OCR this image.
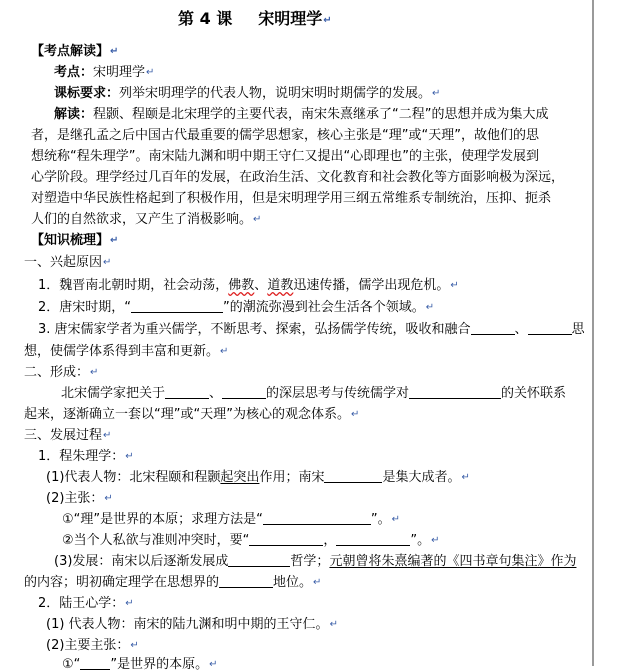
第 4 课 宋明理学↵
【考点解读】↵
考点：宋明理学↵
课标要求：列举宋明理学的代表人物，说明宋明时期儒学的发展。↵
解读：程颢、程颐是北宋理学的主要代表，南宋朱熹继承了“二程”的思想并成为集大成
者，是继孔孟之后中国古代最重要的儒学思想家，核心主张是“理”或“天理”，故他们的思
想统称“程朱理学”。南宋陆九渊和明中期王守仁又提出“心即理也”的主张，使理学发展到
心学阶段。理学经过几百年的发展，在政治生活、文化教育和社会教化等方面影响极为深远，
对塑造中华民族性格起到了积极作用，但是宋明理学用三纲五常维系专制统治，压抑、扼杀
人们的自然欲求，又产生了消极影响。↵
【知识梳理】↵
一、兴起原因↵
1．魏晋南北朝时期，社会动荡，佛教、道教迅速传播，儒学出现危机。↵
2．唐宋时期，“	”的潮流弥漫到社会生活各个领域。↵
3. 唐宋儒家学者为重兴儒学，不断思考、探索，弘扬儒学传统，吸收和融合	、	思
想，使儒学体系得到丰富和更新。↵
二、形成：↵
北宋儒学家把关于	、	的深层思考与传统儒学对	的关怀联系
起来，逐渐确立一套以“理”或“天理”为核心的观念体系。↵
三、发展过程↵
1．程朱理学：↵
(1)代表人物：北宋程颐和程颢起突出作用；南宋	是集大成者。↵
(2)主张：↵
①“理”是世界的本原；求理方法是“	”。↵
②当个人私欲与准则冲突时，要“	，	”。↵
(3)发展：南宋以后逐渐发展成	哲学；元朝曾将朱熹编著的《四书章句集注》作为
的内容；明初确定理学在思想界的	地位。↵
2．陆王心学：↵
(1) 代表人物：南宋的陆九渊和明中期的王守仁。↵
(2)主要主张：↵
①“ ”是世界的本原。↵
